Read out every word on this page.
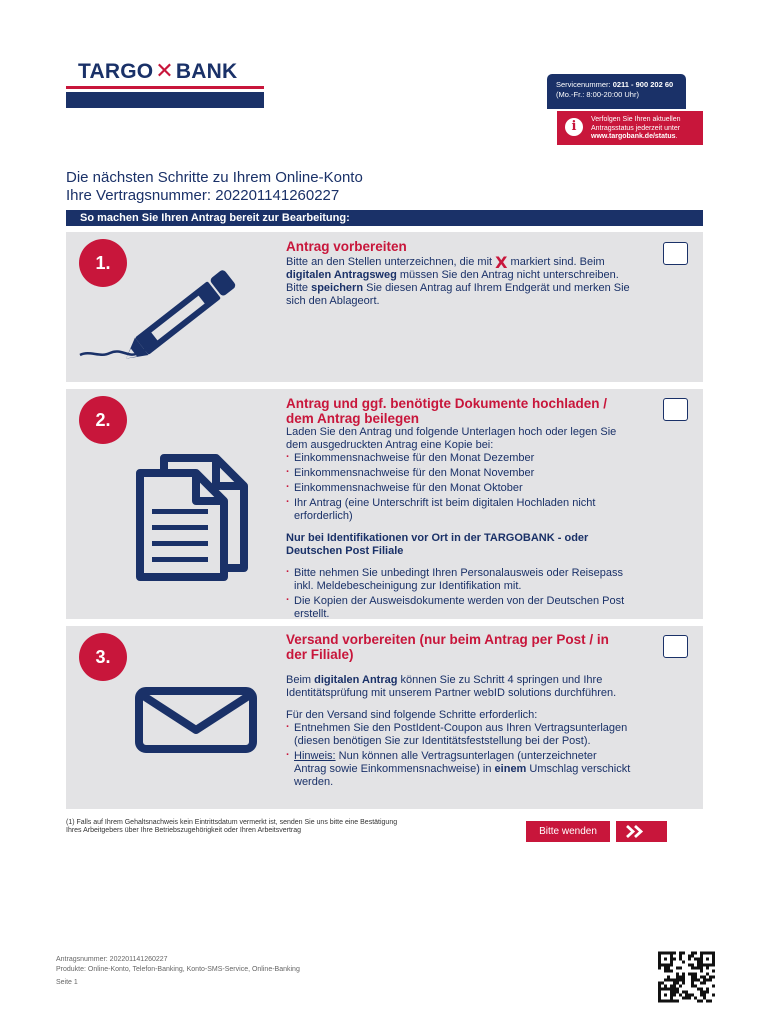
TARGO✕BANK
Servicenummer: 0211 - 900 202 60
(Mo.-Fr.: 8:00-20:00 Uhr)
i	Verfolgen Sie Ihren aktuellen
Antragsstatus jederzeit unter
www.targobank.de/status.
Die nächsten Schritte zu Ihrem Online-Konto
Ihre Vertragsnummer: 202201141260227
So machen Sie Ihren Antrag bereit zur Bearbeitung:
1.
Antrag vorbereiten
Bitte an den Stellen unterzeichnen, die mit X markiert sind. Beim digitalen Antragsweg müssen Sie den Antrag nicht unterschreiben. Bitte speichern Sie diesen Antrag auf Ihrem Endgerät und merken Sie sich den Ablageort.
2.
Antrag und ggf. benötigte Dokumente hochladen / dem Antrag beilegen
Laden Sie den Antrag und folgende Unterlagen hoch oder legen Sie dem ausgedruckten Antrag eine Kopie bei:
· Einkommensnachweise für den Monat Dezember
· Einkommensnachweise für den Monat November
· Einkommensnachweise für den Monat Oktober
· Ihr Antrag (eine Unterschrift ist beim digitalen Hochladen nicht erforderlich)
Nur bei Identifikationen vor Ort in der TARGOBANK - oder Deutschen Post Filiale
· Bitte nehmen Sie unbedingt Ihren Personalausweis oder Reisepass inkl. Meldebescheinigung zur Identifikation mit.
· Die Kopien der Ausweisdokumente werden von der Deutschen Post erstellt.
3.
Versand vorbereiten (nur beim Antrag per Post / in der Filiale)
Beim digitalen Antrag können Sie zu Schritt 4 springen und Ihre Identitätsprüfung mit unserem Partner webID solutions durchführen.
Für den Versand sind folgende Schritte erforderlich:
· Entnehmen Sie den PostIdent-Coupon aus Ihren Vertragsunterlagen (diesen benötigen Sie zur Identitätsfeststellung bei der Post).
· Hinweis: Nun können alle Vertragsunterlagen (unterzeichneter Antrag sowie Einkommensnachweise) in einem Umschlag verschickt werden.
(1) Falls auf Ihrem Gehaltsnachweis kein Eintrittsdatum vermerkt ist, senden Sie uns bitte eine Bestätigung
Ihres Arbeitgebers über Ihre Betriebszugehörigkeit oder Ihren Arbeitsvertrag	Bitte wenden
Antragsnummer: 202201141260227
Produkte: Online-Konto, Telefon-Banking, Konto-SMS-Service, Online-Banking
Seite 1
